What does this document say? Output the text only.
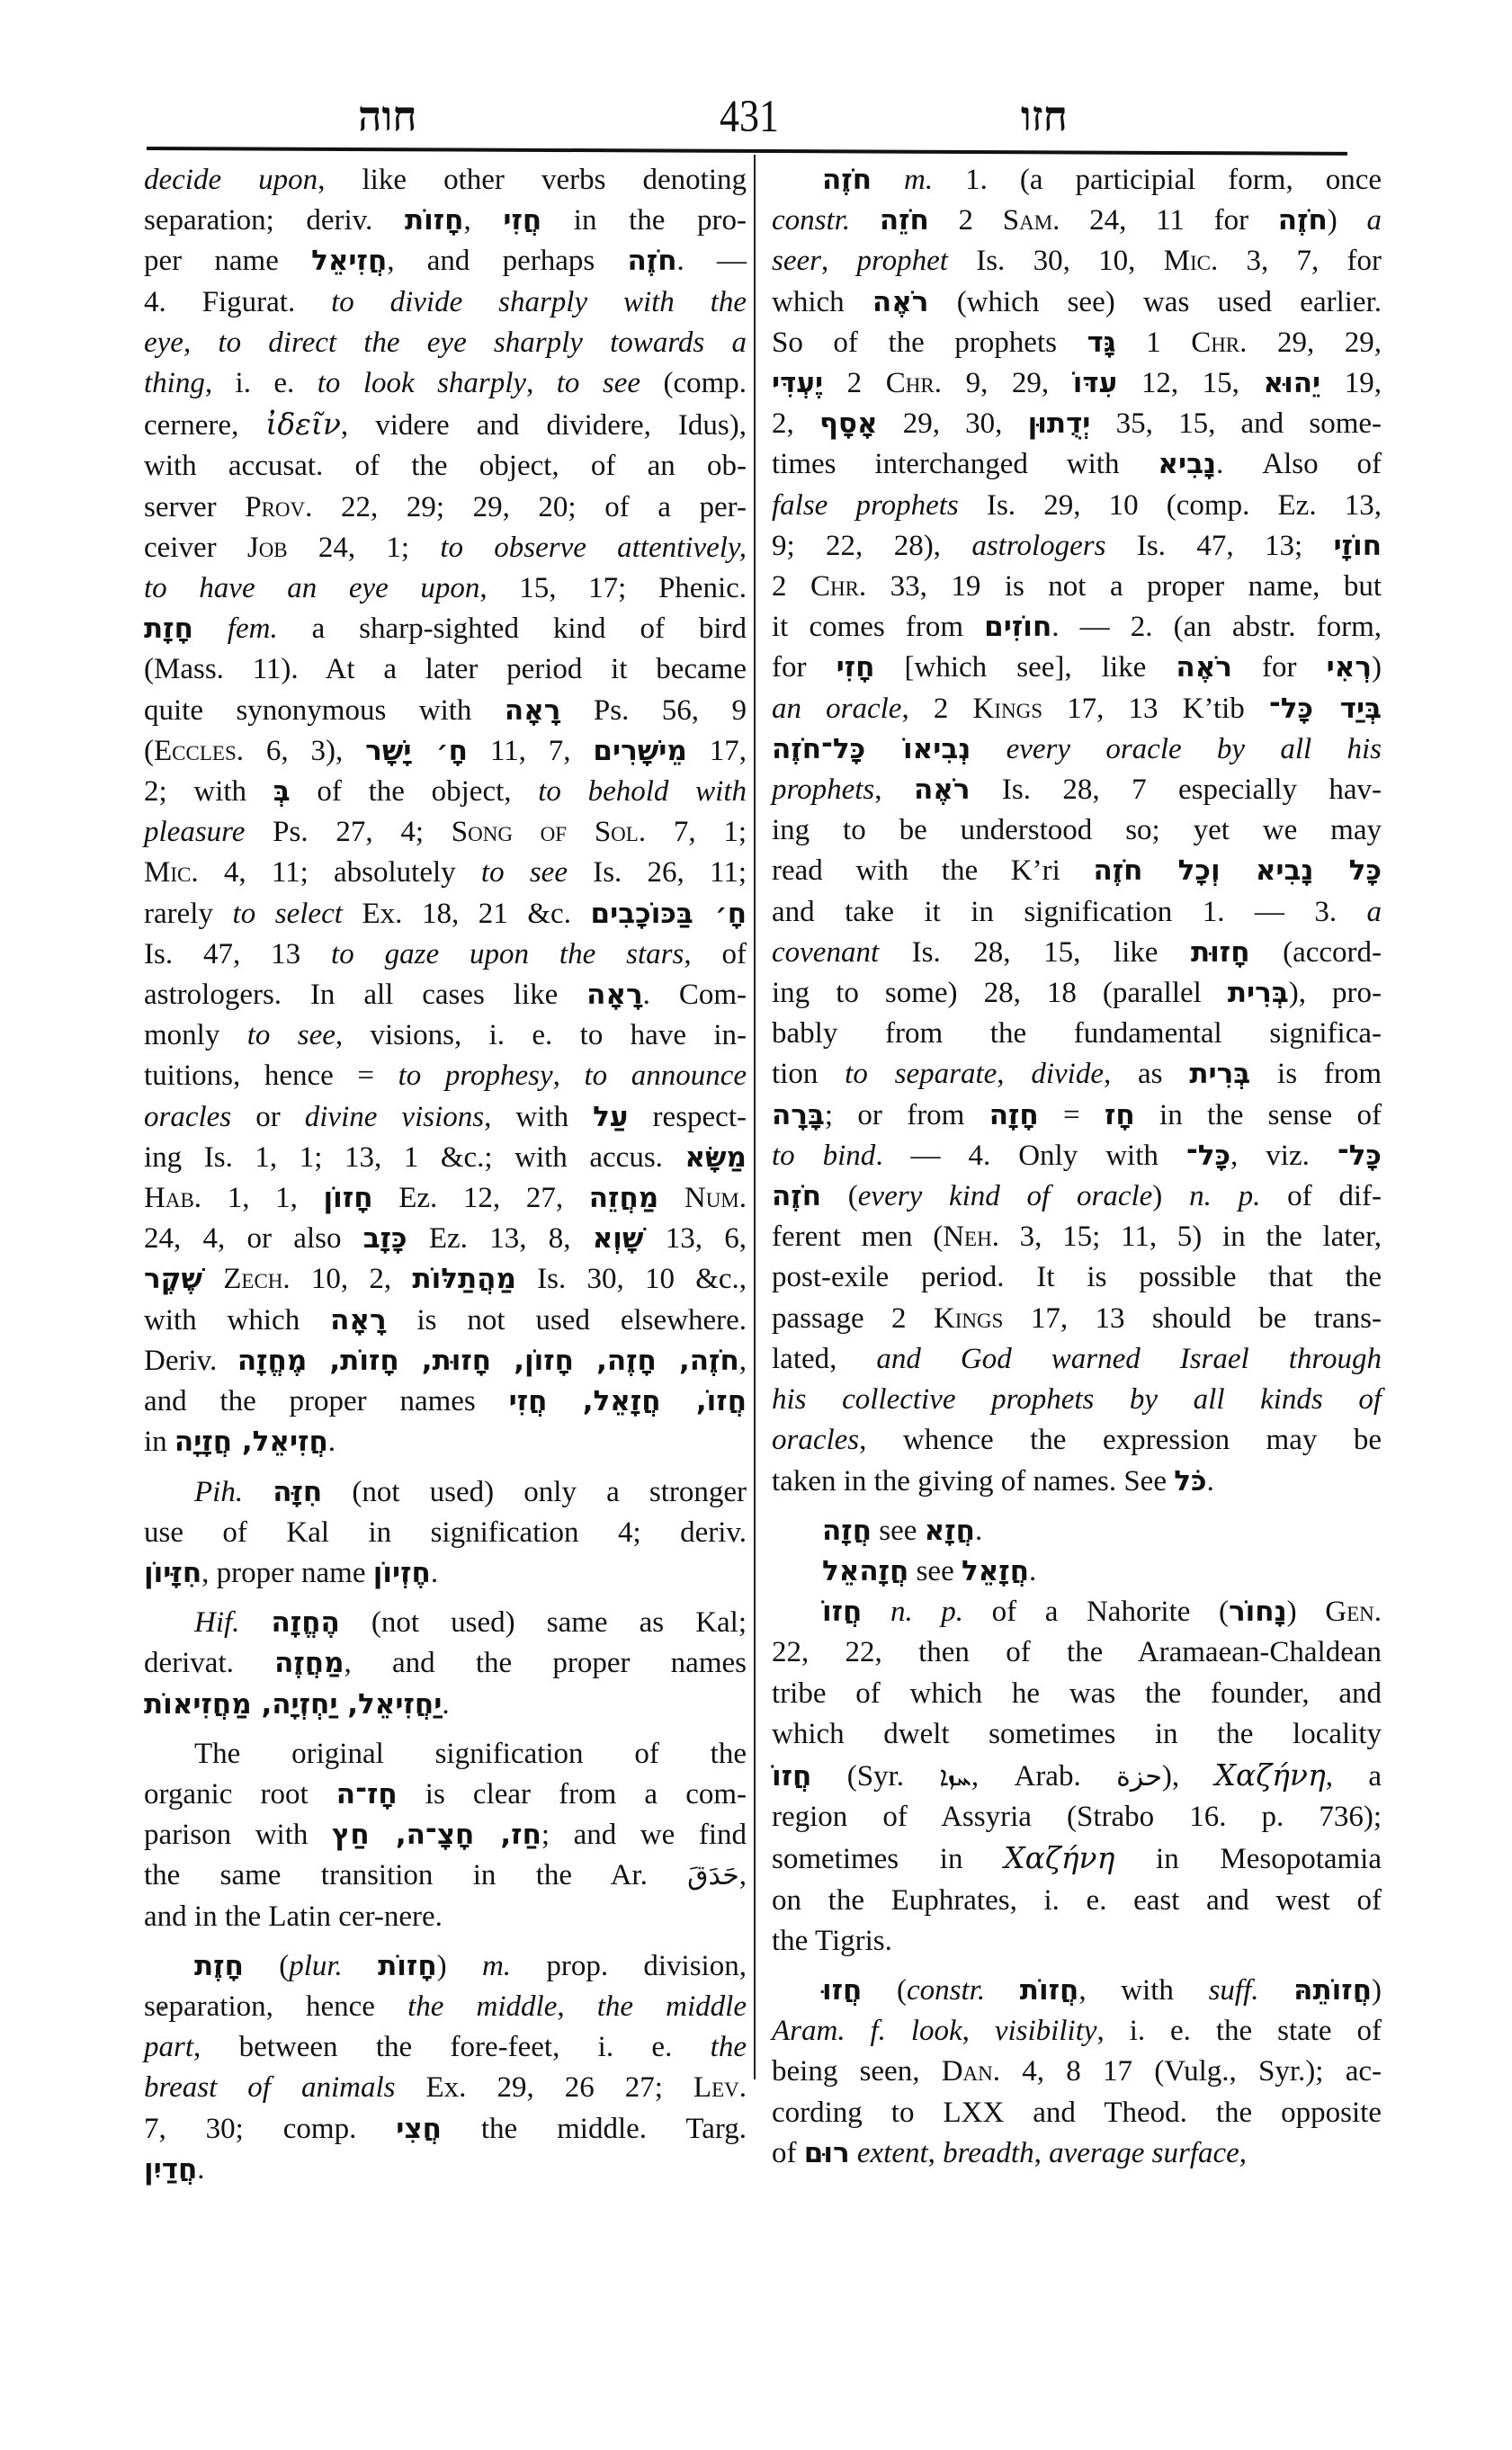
חוה	431	חזו
decide upon, like other verbs denoting
separation; deriv. חָזוֹת, חֲזִי in the pro-
per name חֲזִיאֵל, and perhaps חֹזֶה. —
4. Figurat. to divide sharply with the
eye, to direct the eye sharply towards a
thing, i. e. to look sharply, to see (comp.
cernere, ἰδεῖν, videre and dividere, Idus),
with accusat. of the object, of an ob-
server Prov. 22, 29; 29, 20; of a per-
ceiver Job 24, 1; to observe attentively,
to have an eye upon, 15, 17; Phenic.
חָזָת fem. a sharp-sighted kind of bird
(Mass. 11). At a later period it became
quite synonymous with רָאָה Ps. 56, 9
(Eccles. 6, 3), חָ׳ יָשָׁר 11, 7, מֵישָׁרִים 17,
2; with בְּ of the object, to behold with
pleasure Ps. 27, 4; Song of Sol. 7, 1;
Mic. 4, 11; absolutely to see Is. 26, 11;
rarely to select Ex. 18, 21 &c. חָ׳ בַּכּוֹכָבִים
Is. 47, 13 to gaze upon the stars, of
astrologers. In all cases like רָאָה. Com-
monly to see, visions, i. e. to have in-
tuitions, hence = to prophesy, to announce
oracles or divine visions, with עַל respect-
ing Is. 1, 1; 13, 1 &c.; with accus. מַשָּׂא
Hab. 1, 1, חָזוֹן Ez. 12, 27, מַחֲזֵה Num.
24, 4, or also כָּזָב Ez. 13, 8, שָׁוְא 13, 6,
שֶׁקֶר Zech. 10, 2, מַהֲתַלּוֹת Is. 30, 10 &c.,
with which רָאָה is not used elsewhere.
Deriv. חֹזֶה, חָזֶה, חָזוֹן, חָזוּת, חָזוֹת, מֶחֱזָה,
and the proper names חֲזוֹ, חֲזָאֵל, חֲזִי
in חֲזִיאֵל, חֲזָיָה.
Pih. חִזָּה (not used) only a stronger
use of Kal in signification 4; deriv.
חִזָּיוֹן, proper name חֶזְיוֹן.
Hif. הֶחֱזָה (not used) same as Kal;
derivat. מַחֲזֶה, and the proper names
יַחֲזִיאֵל, יַחְזְיָה, מַחֲזִיאוֹת.
The original signification of the
organic root חָז־ה is clear from a com-
parison with חַז, חָצָ־ה, חַץ; and we find
the same transition in the Ar. حَدَقَ,
and in the Latin cer-nere.
חָזֶת (plur. חָזוֹת) m. prop. division,
separation, hence the middle, the middle
part, between the fore-feet, i. e. the
breast of animals Ex. 29, 26 27; Lev.
7, 30; comp. חֲצִי the middle. Targ.
חֲדַיִן.
חֹזֶה m. 1. (a participial form, once
constr. חֹזֵה 2 Sam. 24, 11 for חֹזֶה) a
seer, prophet Is. 30, 10, Mic. 3, 7, for
which רֹאֶה (which see) was used earlier.
So of the prophets גָּד 1 Chr. 29, 29,
יֶעְדִּי 2 Chr. 9, 29, עִדּוֹ 12, 15, יֵהוּא 19,
2, אָסָף 29, 30, יְדֻתוּן 35, 15, and some-
times interchanged with נָבִיא. Also of
false prophets Is. 29, 10 (comp. Ez. 13,
9; 22, 28), astrologers Is. 47, 13; חוֹזָי
2 Chr. 33, 19 is not a proper name, but
it comes from חוֹזִים. — 2. (an abstr. form,
for חָזִי [which see], like רֹאֶה for רְאִי)
an oracle, 2 Kings 17, 13 K’tib בְּיַד כָּל־
נְבִיאוֹ כָּל־חֹזֶה every oracle by all his
prophets, רֹאֶה Is. 28, 7 especially hav-
ing to be understood so; yet we may
read with the K’ri כָּל נָבִיא וְכָל חֹזֶה
and take it in signification 1. — 3. a
covenant Is. 28, 15, like חָזוּת (accord-
ing to some) 28, 18 (parallel בְּרִית), pro-
bably from the fundamental significa-
tion to separate, divide, as בְּרִית is from
בָּרָה; or from חָזָה = חָז in the sense of
to bind. — 4. Only with כָּל־, viz. כָּל־
חֹזֶה (every kind of oracle) n. p. of dif-
ferent men (Neh. 3, 15; 11, 5) in the later,
post-exile period. It is possible that the
passage 2 Kings 17, 13 should be trans-
lated, and God warned Israel through
his collective prophets by all kinds of
oracles, whence the expression may be
taken in the giving of names. See כֹּל.
חֲזָה see חֲזָא.
חֲזָהאֵל see חֲזָאֵל.
חֲזוֹ n. p. of a Nahorite (נָחוֹר) Gen.
22, 22, then of the Aramaean-Chaldean
tribe of which he was the founder, and
which dwelt sometimes in the locality
חֲזוֹ (Syr. ܚܙܐ, Arab. حزة), Χαζήνη, a
region of Assyria (Strabo 16. p. 736);
sometimes in Χαζήνη in Mesopotamia
on the Euphrates, i. e. east and west of
the Tigris.
חֲזוּ (constr. חֲזוֹת, with suff. חֲזוֹתֵהּ)
Aram. f. look, visibility, i. e. the state of
being seen, Dan. 4, 8 17 (Vulg., Syr.); ac-
cording to LXX and Theod. the opposite
of רוּם extent, breadth, average surface,
